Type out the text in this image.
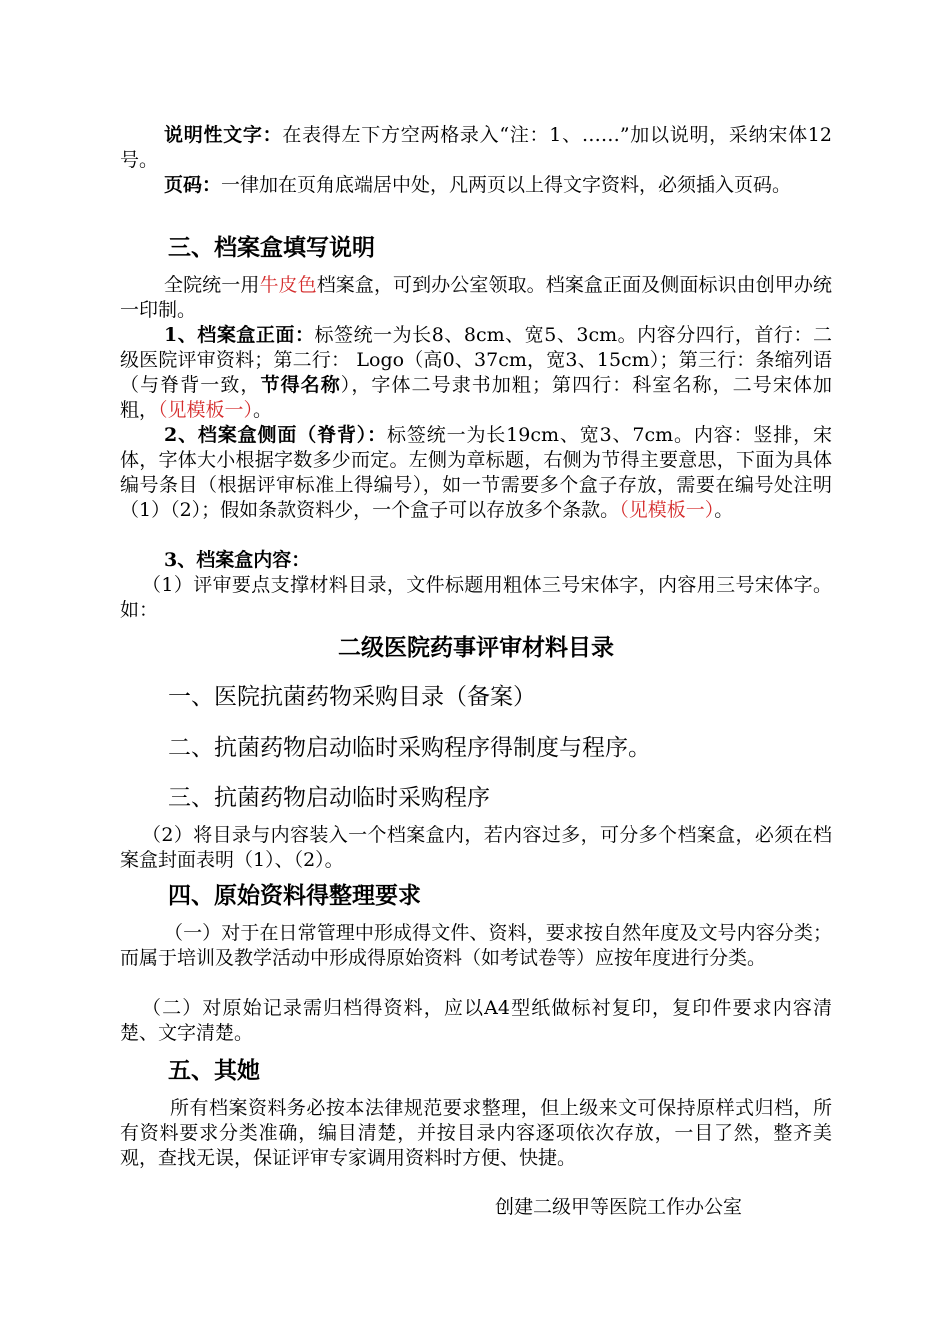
说明性文字：在表得左下方空两格录入“注：1、……”加以说明，采纳宋体12号。

页码：一律加在页角底端居中处，凡两页以上得文字资料，必须插入页码。

三、档案盒填写说明

全院统一用牛皮色档案盒，可到办公室领取。档案盒正面及侧面标识由创甲办统一印制。

1、档案盒正面：标签统一为长8、8cm、宽5、3cm。内容分四行，首行：二级医院评审资料；第二行： Logo（高0、37cm，宽3、15cm）；第三行：条缩列语（与脊背一致，节得名称），字体二号隶书加粗；第四行：科室名称，二号宋体加粗，（见模板一）。

2、档案盒侧面（脊背）：标签统一为长19cm、宽3、7cm。内容：竖排，宋体，字体大小根据字数多少而定。左侧为章标题，右侧为节得主要意思，下面为具体编号条目（根据评审标准上得编号），如一节需要多个盒子存放，需要在编号处注明（1）（2）；假如条款资料少，一个盒子可以存放多个条款。（见模板一）。

3、档案盒内容：

（1）评审要点支撑材料目录，文件标题用粗体三号宋体字，内容用三号宋体字。如：

二级医院药事评审材料目录

一、医院抗菌药物采购目录（备案）

二、抗菌药物启动临时采购程序得制度与程序。

三、抗菌药物启动临时采购程序

（2）将目录与内容装入一个档案盒内，若内容过多，可分多个档案盒，必须在档案盒封面表明（1）、（2）。

四、原始资料得整理要求

（一）对于在日常管理中形成得文件、资料，要求按自然年度及文号内容分类；而属于培训及教学活动中形成得原始资料（如考试卷等）应按年度进行分类。

（二）对原始记录需归档得资料，应以A4型纸做标衬复印，复印件要求内容清楚、文字清楚。

五、其她

所有档案资料务必按本法律规范要求整理，但上级来文可保持原样式归档，所有资料要求分类准确，编目清楚，并按目录内容逐项依次存放，一目了然，整齐美观，查找无误，保证评审专家调用资料时方便、快捷。

创建二级甲等医院工作办公室
